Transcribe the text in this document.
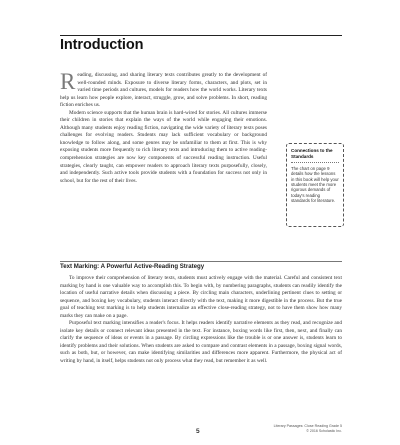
Introduction

Reading, discussing, and sharing literary texts contributes greatly to the development of well-rounded minds. Exposure to diverse literary forms, characters, and plots, set in varied time periods and cultures, models for readers how the world works. Literary texts help us learn how people explore, interact, struggle, grow, and solve problems. In short, reading fiction enriches us.

Modern science supports that the human brain is hard-wired for stories. All cultures immerse their children in stories that explain the ways of the world while engaging their emotions. Although many students enjoy reading fiction, navigating the wide variety of literary texts poses challenges for evolving readers. Students may lack sufficient vocabulary or background knowledge to follow along, and some genres may be unfamiliar to them at first. This is why exposing students more frequently to rich literary texts and introducing them to active reading-comprehension strategies are now key components of successful reading instruction. Useful strategies, clearly taught, can empower readers to approach literary texts purposefully, closely, and independently. Such active tools provide students with a foundation for success not only in school, but for the rest of their lives.

Connections to the Standards
The chart on page 9 details how the lessons in this book will help your students meet the more rigorous demands of today's reading standards for literature.
Text Marking: A Powerful Active-Reading Strategy

To improve their comprehension of literary texts, students must actively engage with the material. Careful and consistent text marking by hand is one valuable way to accomplish this. To begin with, by numbering paragraphs, students can readily identify the location of useful narrative details when discussing a piece. By circling main characters, underlining pertinent clues to setting or sequence, and boxing key vocabulary, students interact directly with the text, making it more digestible in the process. But the true goal of teaching text marking is to help students internalize an effective close-reading strategy, not to have them show how many marks they can make on a page.

Purposeful text marking intensifies a reader's focus. It helps readers identify narrative elements as they read, and recognize and isolate key details or connect relevant ideas presented in the text. For instance, boxing words like first, then, next, and finally can clarify the sequence of ideas or events in a passage. By circling expressions like the trouble is or one answer is, students learn to identify problems and their solutions. When students are asked to compare and contrast elements in a passage, boxing signal words, such as both, but, or however, can make identifying similarities and differences more apparent. Furthermore, the physical act of writing by hand, in itself, helps students not only process what they read, but remember it as well.

5
Literary Passages: Close Reading Grade 5
© 2016 Scholastic Inc.
